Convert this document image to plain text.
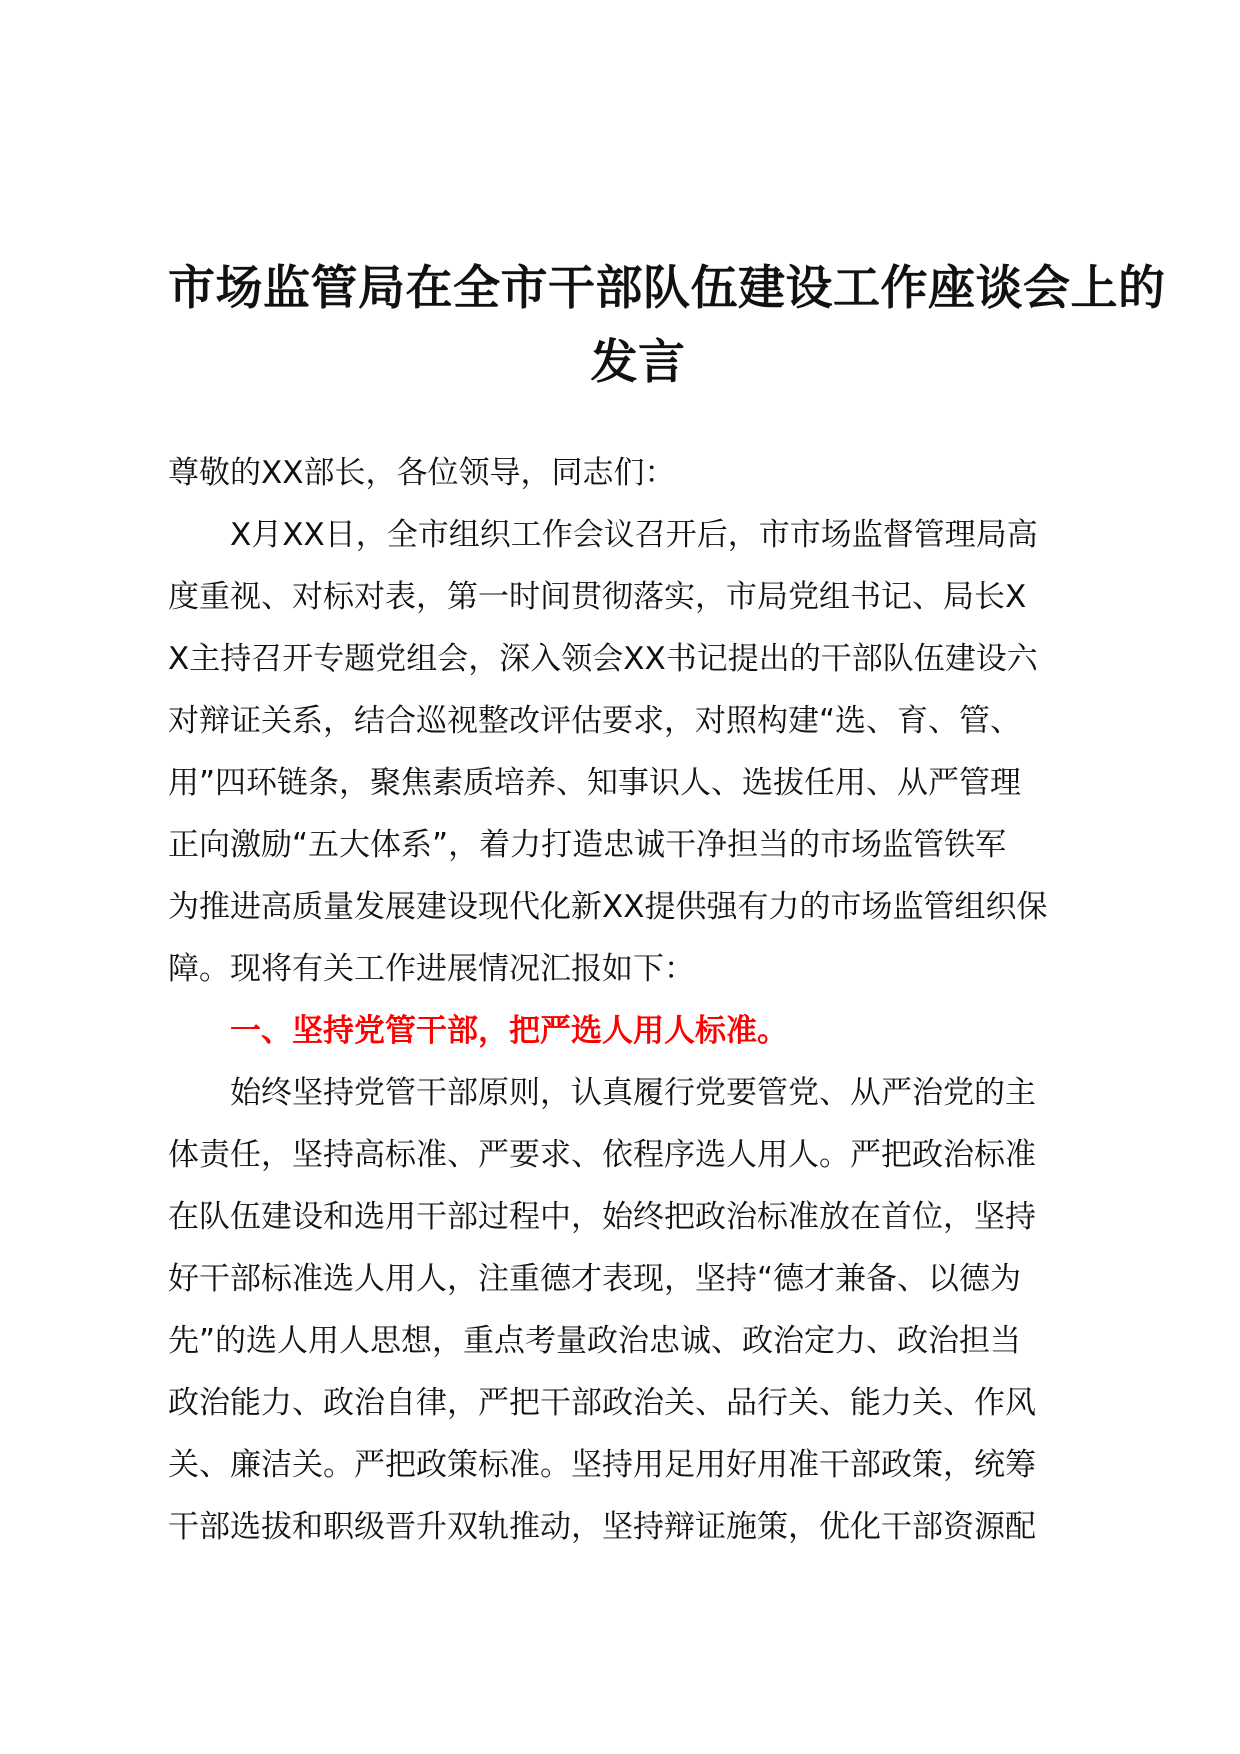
市场监管局在全市干部队伍建设工作座谈会上的
发言

尊敬的XX部长，各位领导，同志们：

X月XX日，全市组织工作会议召开后，市市场监督管理局高
度重视、对标对表，第一时间贯彻落实，市局党组书记、局长X
X主持召开专题党组会，深入领会XX书记提出的干部队伍建设六
对辩证关系，结合巡视整改评估要求，对照构建“选、育、管、
用”四环链条，聚焦素质培养、知事识人、选拔任用、从严管理
正向激励“五大体系”，着力打造忠诚干净担当的市场监管铁军
为推进高质量发展建设现代化新XX提供强有力的市场监管组织保
障。现将有关工作进展情况汇报如下：

一、坚持党管干部，把严选人用人标准。

始终坚持党管干部原则，认真履行党要管党、从严治党的主
体责任，坚持高标准、严要求、依程序选人用人。严把政治标准
在队伍建设和选用干部过程中，始终把政治标准放在首位，坚持
好干部标准选人用人，注重德才表现，坚持“德才兼备、以德为
先”的选人用人思想，重点考量政治忠诚、政治定力、政治担当
政治能力、政治自律，严把干部政治关、品行关、能力关、作风
关、廉洁关。严把政策标准。坚持用足用好用准干部政策，统筹
干部选拔和职级晋升双轨推动，坚持辩证施策，优化干部资源配
